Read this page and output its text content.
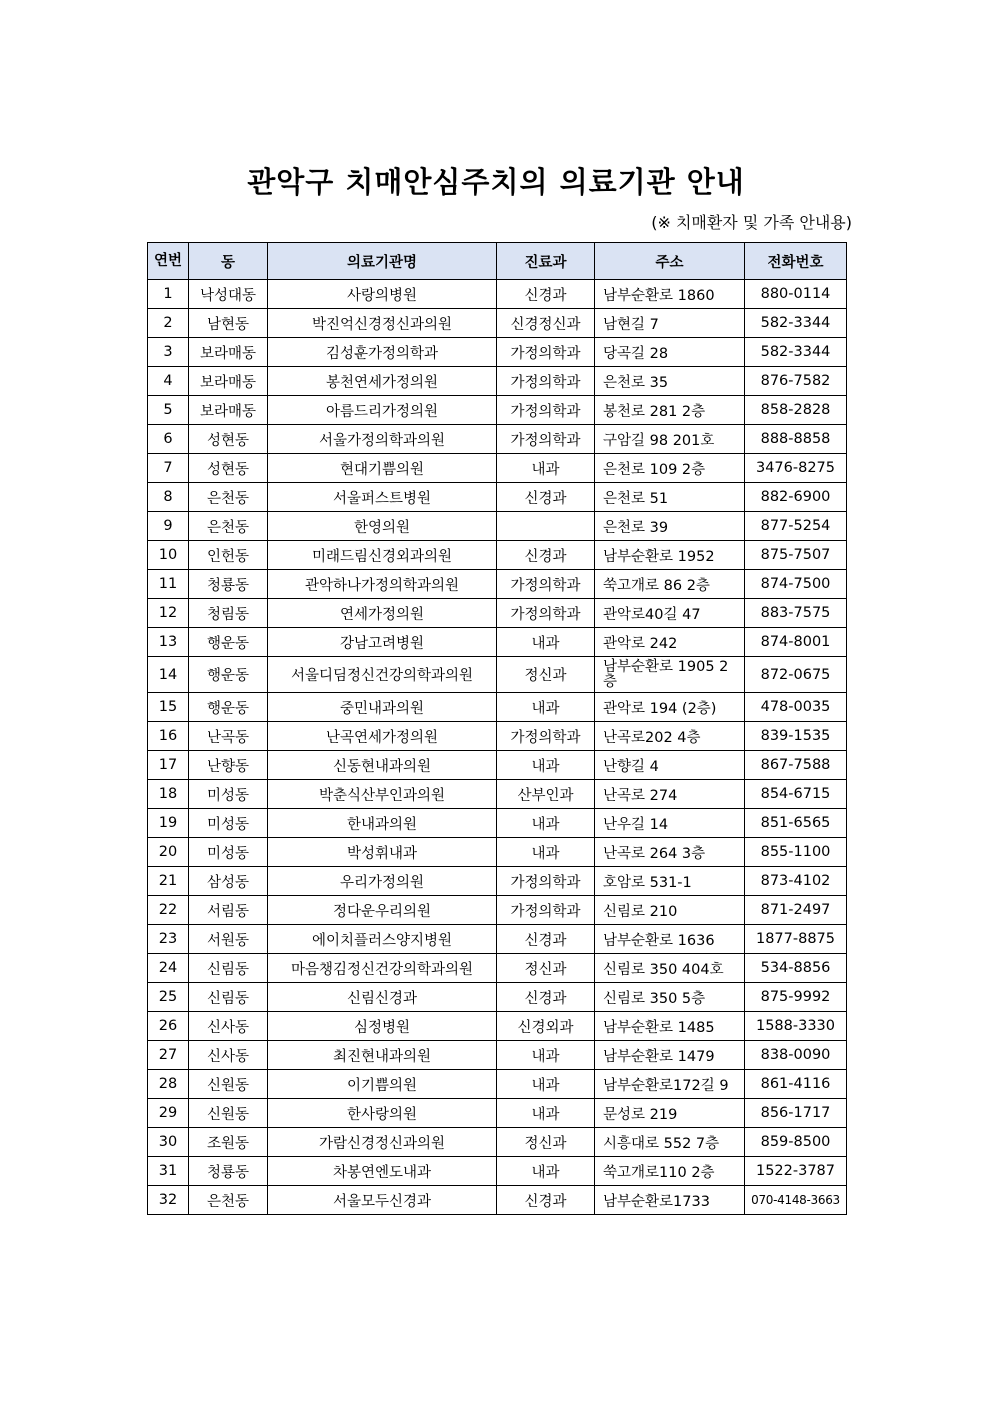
관악구 치매안심주치의 의료기관 안내
(※ 치매환자 및 가족 안내용)
연번	동	의료기관명	진료과	주소	전화번호
1	낙성대동	사랑의병원	신경과	남부순환로 1860	880-0114
2	남현동	박진억신경정신과의원	신경정신과	남현길 7	582-3344
3	보라매동	김성훈가정의학과	가정의학과	당곡길 28	582-3344
4	보라매동	봉천연세가정의원	가정의학과	은천로 35	876-7582
5	보라매동	아름드리가정의원	가정의학과	봉천로 281 2층	858-2828
6	성현동	서울가정의학과의원	가정의학과	구암길 98 201호	888-8858
7	성현동	현대기쁨의원	내과	은천로 109 2층	3476-8275
8	은천동	서울퍼스트병원	신경과	은천로 51	882-6900
9	은천동	한영의원		은천로 39	877-5254
10	인헌동	미래드림신경외과의원	신경과	남부순환로 1952	875-7507
11	청룡동	관악하나가정의학과의원	가정의학과	쑥고개로 86 2층	874-7500
12	청림동	연세가정의원	가정의학과	관악로40길 47	883-7575
13	행운동	강남고려병원	내과	관악로 242	874-8001
14	행운동	서울디딤정신건강의학과의원	정신과	남부순환로 1905 2층	872-0675
15	행운동	중민내과의원	내과	관악로 194 (2층)	478-0035
16	난곡동	난곡연세가정의원	가정의학과	난곡로202 4층	839-1535
17	난향동	신동현내과의원	내과	난향길 4	867-7588
18	미성동	박춘식산부인과의원	산부인과	난곡로 274	854-6715
19	미성동	한내과의원	내과	난우길 14	851-6565
20	미성동	박성휘내과	내과	난곡로 264 3층	855-1100
21	삼성동	우리가정의원	가정의학과	호암로 531-1	873-4102
22	서림동	정다운우리의원	가정의학과	신림로 210	871-2497
23	서원동	에이치플러스양지병원	신경과	남부순환로 1636	1877-8875
24	신림동	마음챙김정신건강의학과의원	정신과	신림로 350 404호	534-8856
25	신림동	신림신경과	신경과	신림로 350 5층	875-9992
26	신사동	심정병원	신경외과	남부순환로 1485	1588-3330
27	신사동	최진현내과의원	내과	남부순환로 1479	838-0090
28	신원동	이기쁨의원	내과	남부순환로172길 9	861-4116
29	신원동	한사랑의원	내과	문성로 219	856-1717
30	조원동	가람신경정신과의원	정신과	시흥대로 552 7층	859-8500
31	청룡동	차봉연엔도내과	내과	쑥고개로110 2층	1522-3787
32	은천동	서울모두신경과	신경과	남부순환로1733	070-4148-3663
